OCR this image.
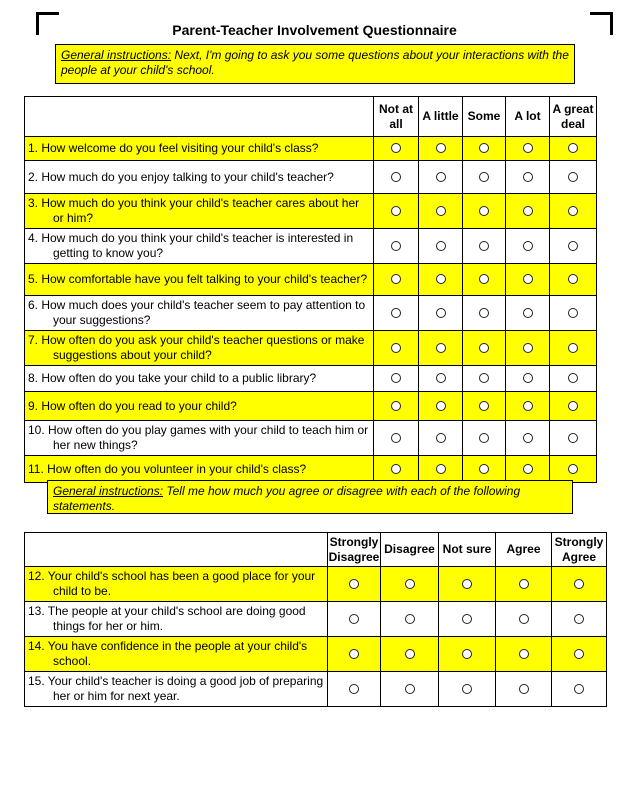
Parent-Teacher Involvement Questionnaire
General instructions: Next, I'm going to ask you some questions about your interactions with the people at your child's school.
	Not at all	A little	Some	A lot	A great deal

1. How welcome do you feel visiting your child's class?					

2. How much do you enjoy talking to your child's teacher?					

3. How much do you think your child's teacher cares about her or him?					

4. How much do you think your child's teacher is interested in getting to know you?					

5. How comfortable have you felt talking to your child's teacher?					

6. How much does your child's teacher seem to pay attention to your suggestions?					

7. How often do you ask your child's teacher questions or make suggestions about your child?					

8. How often do you take your child to a public library?					

9. How often do you read to your child?					

10. How often do you play games with your child to teach him or her new things?					

11. How often do you volunteer in your child's class?					

General instructions: Tell me how much you agree or disagree with each of the following statements.
	Strongly Disagree	Disagree	Not sure	Agree	Strongly Agree

12. Your child's school has been a good place for your child to be.					

13. The people at your child's school are doing good things for her or him.					

14. You have confidence in the people at your child's school.					

15. Your child's teacher is doing a good job of preparing her or him for next year.					
